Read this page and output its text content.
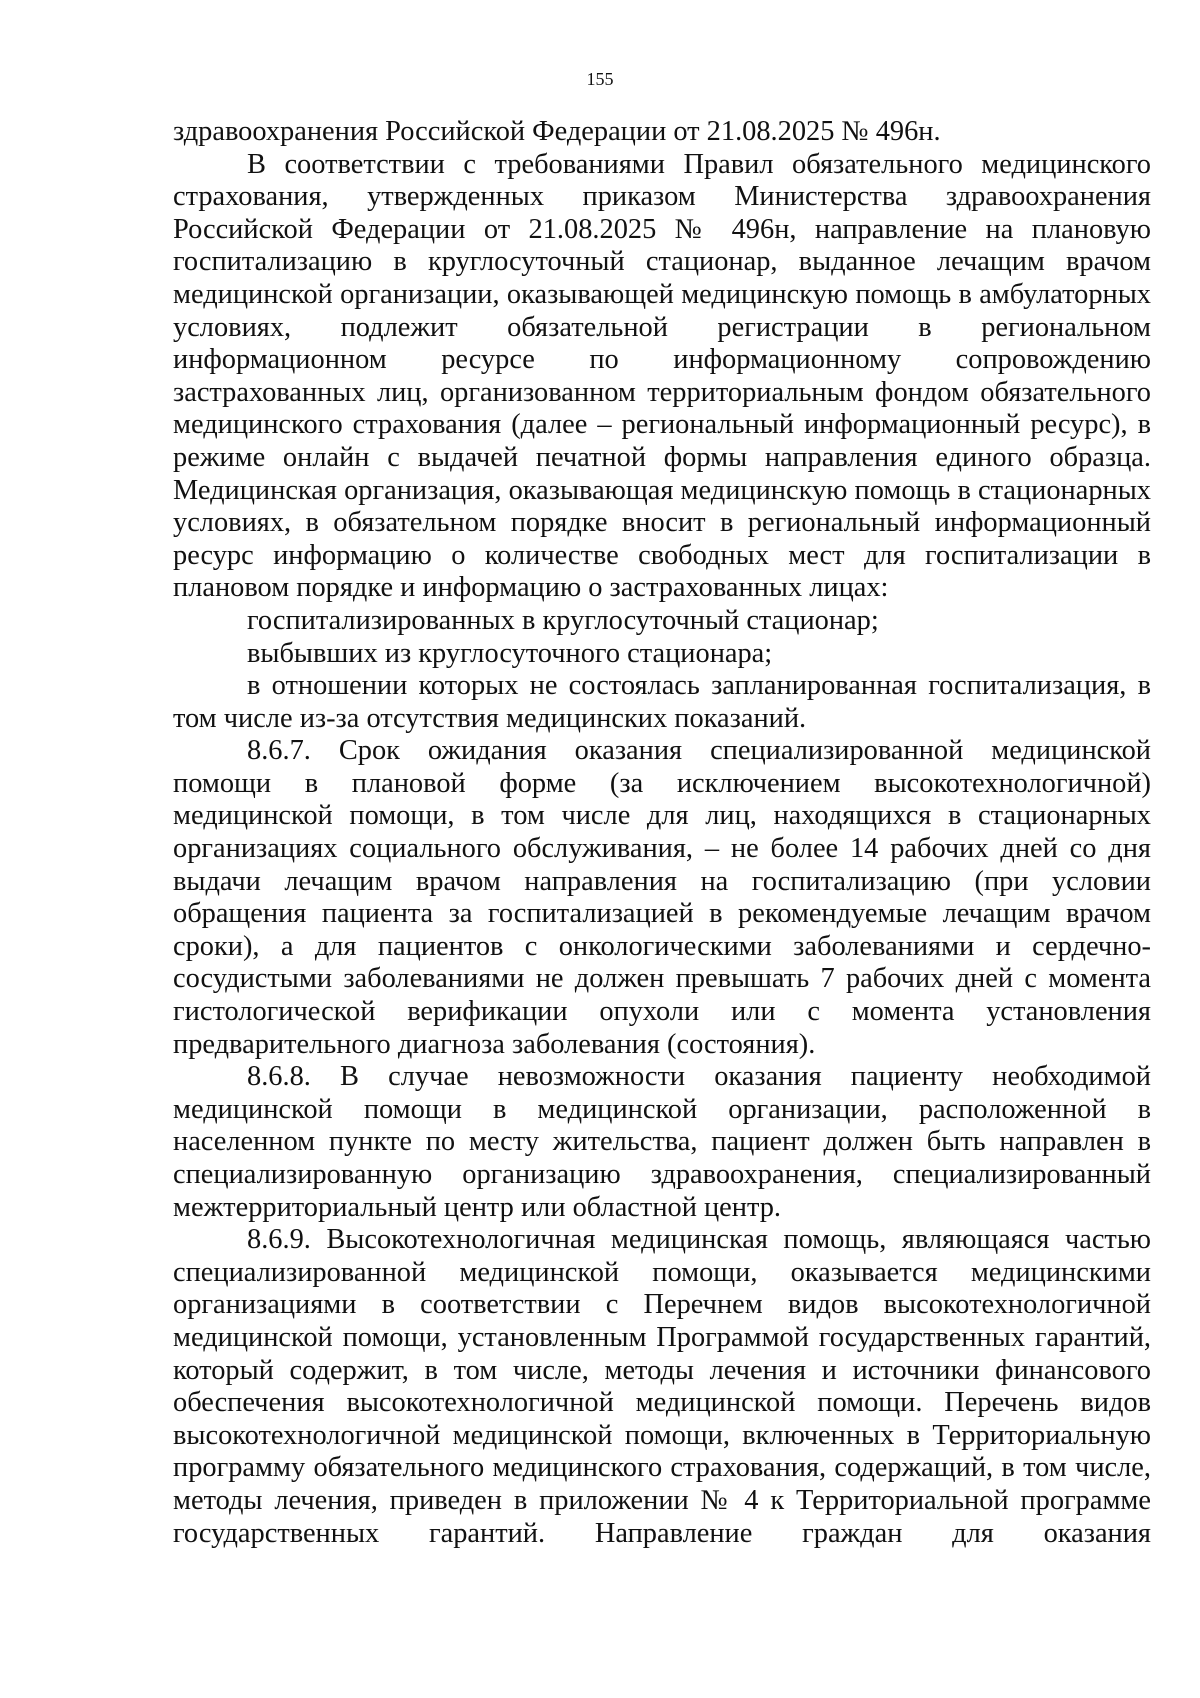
155

здравоохранения Российской Федерации от 21.08.2025 № 496н.

В соответствии с требованиями Правил обязательного медицинского страхования, утвержденных приказом Министерства здравоохранения Российской Федерации от 21.08.2025 № 496н, направление на плановую госпитализацию в круглосуточный стационар, выданное лечащим врачом медицинской организации, оказывающей медицинскую помощь в амбулаторных условиях, подлежит обязательной регистрации в региональном информационном ресурсе по информационному сопровождению застрахованных лиц, организованном территориальным фондом обязательного медицинского страхования (далее – региональный информационный ресурс), в режиме онлайн с выдачей печатной формы направления единого образца. Медицинская организация, оказывающая медицинскую помощь в стационарных условиях, в обязательном порядке вносит в региональный информационный ресурс информацию о количестве свободных мест для госпитализации в плановом порядке и информацию о застрахованных лицах:

госпитализированных в круглосуточный стационар;

выбывших из круглосуточного стационара;

в отношении которых не состоялась запланированная госпитализация, в том числе из-за отсутствия медицинских показаний.

8.6.7. Срок ожидания оказания специализированной медицинской помощи в плановой форме (за исключением высокотехнологичной) медицинской помощи, в том числе для лиц, находящихся в стационарных организациях социального обслуживания, – не более 14 рабочих дней со дня выдачи лечащим врачом направления на госпитализацию (при условии обращения пациента за госпитализацией в рекомендуемые лечащим врачом сроки), а для пациентов с онкологическими заболеваниями и сердечно-сосудистыми заболеваниями не должен превышать 7 рабочих дней с момента гистологической верификации опухоли или с момента установления предварительного диагноза заболевания (состояния).

8.6.8. В случае невозможности оказания пациенту необходимой медицинской помощи в медицинской организации, расположенной в населенном пункте по месту жительства, пациент должен быть направлен в специализированную организацию здравоохранения, специализированный межтерриториальный центр или областной центр.

8.6.9. Высокотехнологичная медицинская помощь, являющаяся частью специализированной медицинской помощи, оказывается медицинскими организациями в соответствии с Перечнем видов высокотехнологичной медицинской помощи, установленным Программой государственных гарантий, который содержит, в том числе, методы лечения и источники финансового обеспечения высокотехнологичной медицинской помощи. Перечень видов высокотехнологичной медицинской помощи, включенных в Территориальную программу обязательного медицинского страхования, содержащий, в том числе, методы лечения, приведен в приложении № 4 к Территориальной программе государственных гарантий. Направление граждан для оказания
